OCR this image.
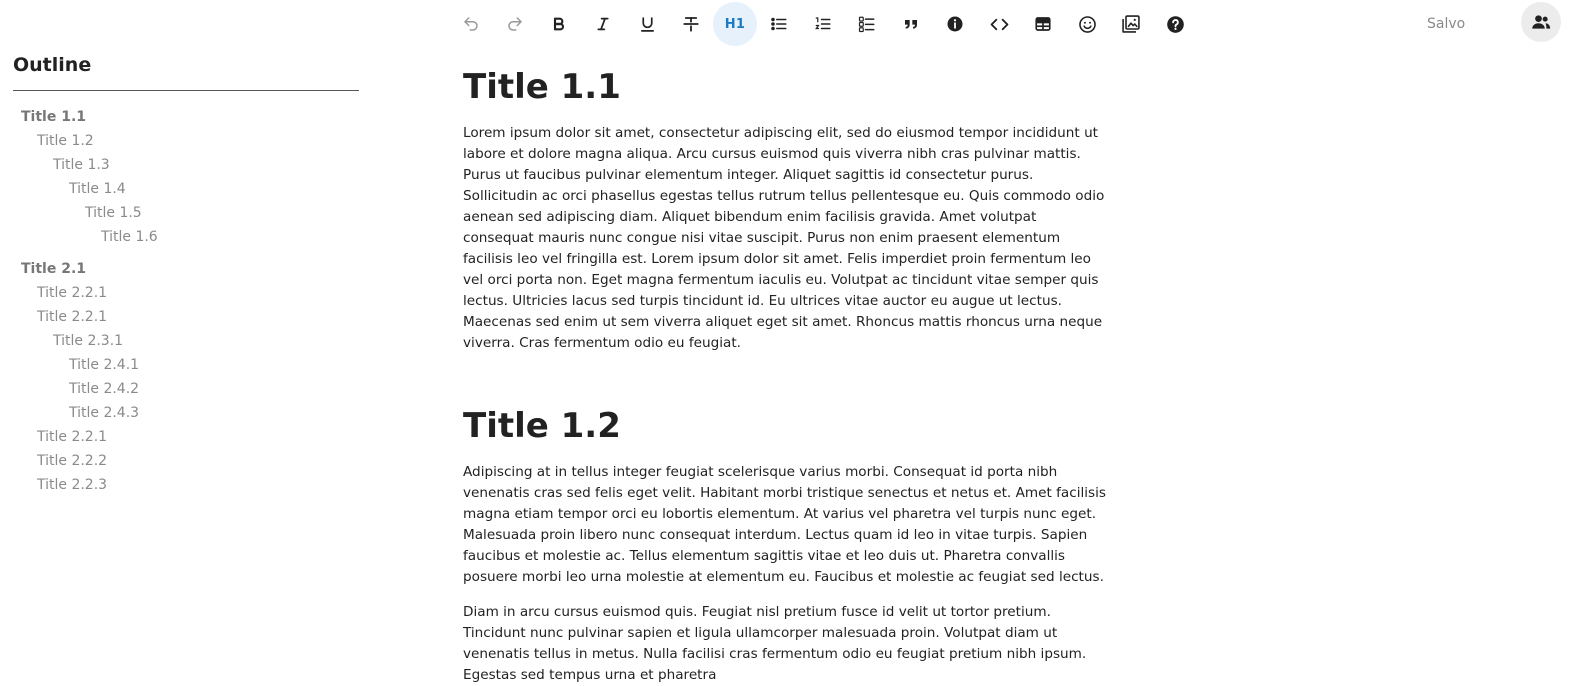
Outline
Title 1.1
Title 1.2
Title 1.3
Title 1.4
Title 1.5
Title 1.6
Title 2.1
Title 2.2.1
Title 2.2.1
Title 2.3.1
Title 2.4.1
Title 2.4.2
Title 2.4.3
Title 2.2.1
Title 2.2.2
Title 2.2.3
H1	Salvo
Title 1.1

Lorem ipsum dolor sit amet, consectetur adipiscing elit, sed do eiusmod tempor incididunt ut labore et dolore magna aliqua. Arcu cursus euismod quis viverra nibh cras pulvinar mattis. Purus ut faucibus pulvinar elementum integer. Aliquet sagittis id consectetur purus. Sollicitudin ac orci phasellus egestas tellus rutrum tellus pellentesque eu. Quis commodo odio aenean sed adipiscing diam. Aliquet bibendum enim facilisis gravida. Amet volutpat consequat mauris nunc congue nisi vitae suscipit. Purus non enim praesent elementum facilisis leo vel fringilla est. Lorem ipsum dolor sit amet. Felis imperdiet proin fermentum leo vel orci porta non. Eget magna fermentum iaculis eu. Volutpat ac tincidunt vitae semper quis lectus. Ultricies lacus sed turpis tincidunt id. Eu ultrices vitae auctor eu augue ut lectus. Maecenas sed enim ut sem viverra aliquet eget sit amet. Rhoncus mattis rhoncus urna neque viverra. Cras fermentum odio eu feugiat.

Title 1.2

Adipiscing at in tellus integer feugiat scelerisque varius morbi. Consequat id porta nibh venenatis cras sed felis eget velit. Habitant morbi tristique senectus et netus et. Amet facilisis magna etiam tempor orci eu lobortis elementum. At varius vel pharetra vel turpis nunc eget. Malesuada proin libero nunc consequat interdum. Lectus quam id leo in vitae turpis. Sapien faucibus et molestie ac. Tellus elementum sagittis vitae et leo duis ut. Pharetra convallis posuere morbi leo urna molestie at elementum eu. Faucibus et molestie ac feugiat sed lectus.

Diam in arcu cursus euismod quis. Feugiat nisl pretium fusce id velit ut tortor pretium. Tincidunt nunc pulvinar sapien et ligula ullamcorper malesuada proin. Volutpat diam ut venenatis tellus in metus. Nulla facilisi cras fermentum odio eu feugiat pretium nibh ipsum. Egestas sed tempus urna et pharetra
